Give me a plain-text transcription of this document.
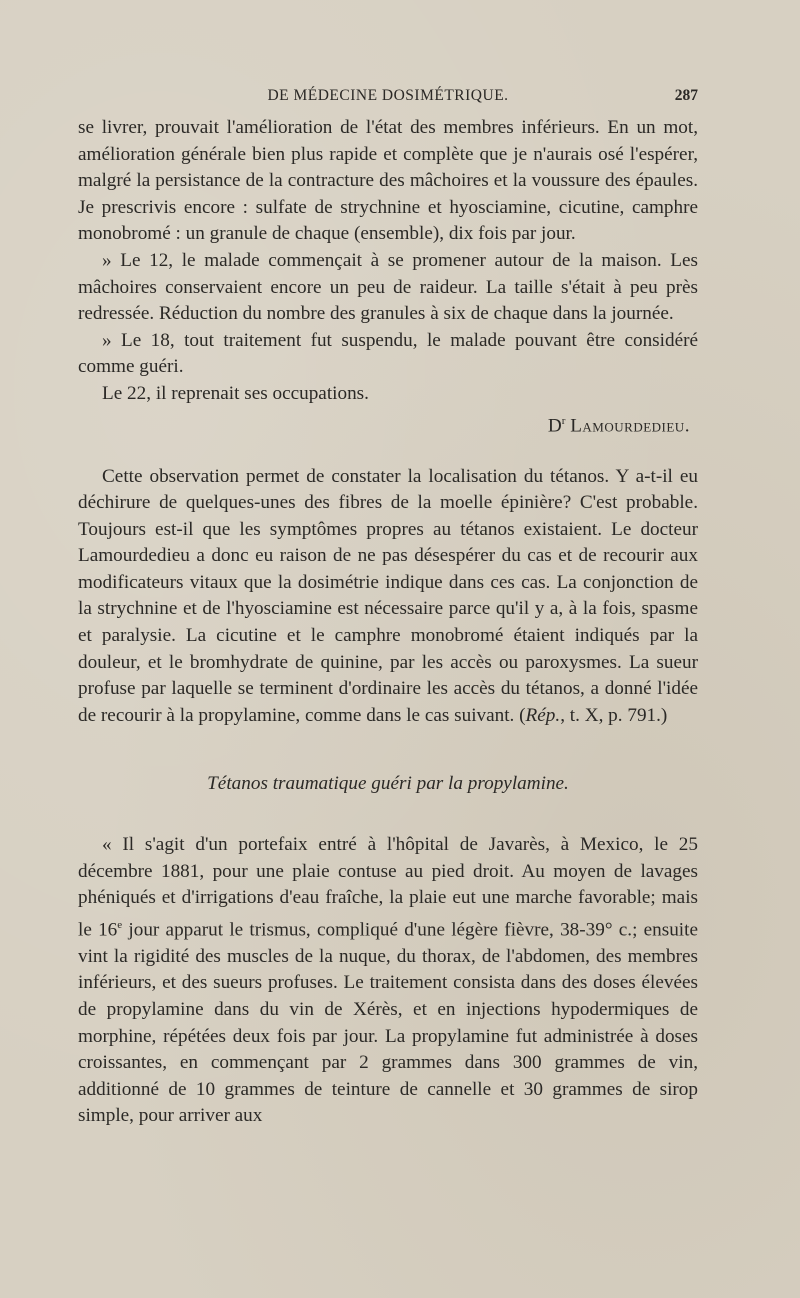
DE MÉDECINE DOSIMÉTRIQUE.	287

se livrer, prouvait l'amélioration de l'état des membres inférieurs. En un mot, amélioration générale bien plus rapide et complète que je n'aurais osé l'espérer, malgré la persistance de la contracture des mâchoires et la voussure des épaules. Je prescrivis encore : sulfate de strychnine et hyosciamine, cicutine, camphre monobromé : un granule de chaque (ensemble), dix fois par jour.

» Le 12, le malade commençait à se promener autour de la maison. Les mâchoires conservaient encore un peu de raideur. La taille s'était à peu près redressée. Réduction du nombre des granules à six de chaque dans la journée.

» Le 18, tout traitement fut suspendu, le malade pouvant être considéré comme guéri.

Le 22, il reprenait ses occupations.

$D^r$ Lamourdedieu.

Cette observation permet de constater la localisation du tétanos. Y a-t-il eu déchirure de quelques-unes des fibres de la moelle épinière? C'est probable. Toujours est-il que les symptômes propres au tétanos existaient. Le docteur Lamourdedieu a donc eu raison de ne pas désespérer du cas et de recourir aux modificateurs vitaux que la dosimétrie indique dans ces cas. La conjonction de la strychnine et de l'hyosciamine est nécessaire parce qu'il y a, à la fois, spasme et paralysie. La cicutine et le camphre monobromé étaient indiqués par la douleur, et le bromhydrate de quinine, par les accès ou paroxysmes. La sueur profuse par laquelle se terminent d'ordinaire les accès du tétanos, a donné l'idée de recourir à la propylamine, comme dans le cas suivant. (Rép., t. X, p. 791.)

Tétanos traumatique guéri par la propylamine.

« Il s'agit d'un portefaix entré à l'hôpital de Javarès, à Mexico, le 25 décembre 1881, pour une plaie contuse au pied droit. Au moyen de lavages phéniqués et d'irrigations d'eau fraîche, la plaie eut une marche favorable; mais le 16e jour apparut le trismus, compliqué d'une légère fièvre, 38-39° c.; ensuite vint la rigidité des muscles de la nuque, du thorax, de l'abdomen, des membres inférieurs, et des sueurs profuses. Le traitement consista dans des doses élevées de propylamine dans du vin de Xérès, et en injections hypodermiques de morphine, répétées deux fois par jour. La propylamine fut administrée à doses croissantes, en commençant par 2 grammes dans 300 grammes de vin, additionné de 10 grammes de teinture de cannelle et 30 grammes de sirop simple, pour arriver aux
